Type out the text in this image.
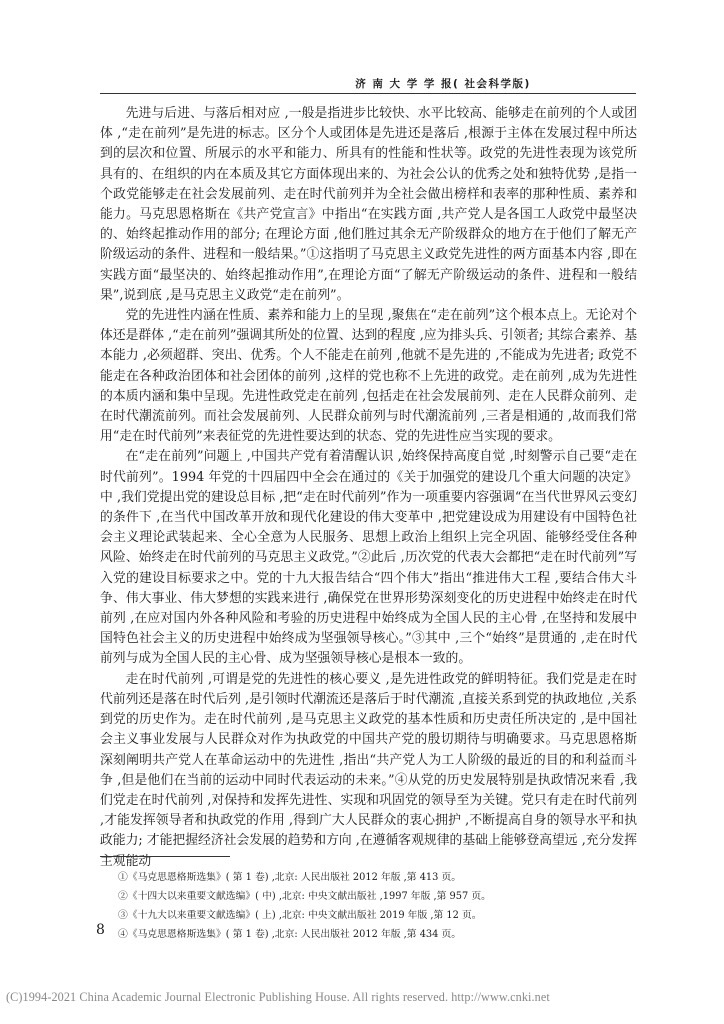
济 南 大 学 学 报( 社会科学版)

先进与后进、与落后相对应 ,一般是指进步比较快、水平比较高、能够走在前列的个人或团体 ,“走在前列”是先进的标志。区分个人或团体是先进还是落后 ,根源于主体在发展过程中所达到的层次和位置、所展示的水平和能力、所具有的性能和性状等。政党的先进性表现为该党所具有的、在组织的内在本质及其它方面体现出来的、为社会公认的优秀之处和独特优势 ,是指一个政党能够走在社会发展前列、走在时代前列并为全社会做出榜样和表率的那种性质、素养和能力。马克思恩格斯在《共产党宣言》中指出“在实践方面 ,共产党人是各国工人政党中最坚决的、始终起推动作用的部分; 在理论方面 ,他们胜过其余无产阶级群众的地方在于他们了解无产阶级运动的条件、进程和一般结果。”①这指明了马克思主义政党先进性的两方面基本内容 ,即在实践方面“最坚决的、始终起推动作用”,在理论方面“了解无产阶级运动的条件、进程和一般结果”,说到底 ,是马克思主义政党“走在前列”。

党的先进性内涵在性质、素养和能力上的呈现 ,聚焦在“走在前列”这个根本点上。无论对个体还是群体 ,“走在前列”强调其所处的位置、达到的程度 ,应为排头兵、引领者; 其综合素养、基本能力 ,必须超群、突出、优秀。个人不能走在前列 ,他就不是先进的 ,不能成为先进者; 政党不能走在各种政治团体和社会团体的前列 ,这样的党也称不上先进的政党。走在前列 ,成为先进性的本质内涵和集中呈现。先进性政党走在前列 ,包括走在社会发展前列、走在人民群众前列、走在时代潮流前列。而社会发展前列、人民群众前列与时代潮流前列 ,三者是相通的 ,故而我们常用“走在时代前列”来表征党的先进性要达到的状态、党的先进性应当实现的要求。

在“走在前列”问题上 ,中国共产党有着清醒认识 ,始终保持高度自觉 ,时刻警示自己要“走在时代前列”。1994 年党的十四届四中全会在通过的《关于加强党的建设几个重大问题的决定》中 ,我们党提出党的建设总目标 ,把“走在时代前列”作为一项重要内容强调“在当代世界风云变幻的条件下 ,在当代中国改革开放和现代化建设的伟大变革中 ,把党建设成为用建设有中国特色社会主义理论武装起来、全心全意为人民服务、思想上政治上组织上完全巩固、能够经受住各种风险、始终走在时代前列的马克思主义政党。”②此后 ,历次党的代表大会都把“走在时代前列”写入党的建设目标要求之中。党的十九大报告结合“四个伟大”指出“推进伟大工程 ,要结合伟大斗争、伟大事业、伟大梦想的实践来进行 ,确保党在世界形势深刻变化的历史进程中始终走在时代前列 ,在应对国内外各种风险和考验的历史进程中始终成为全国人民的主心骨 ,在坚持和发展中国特色社会主义的历史进程中始终成为坚强领导核心。”③其中 ,三个“始终”是贯通的 ,走在时代前列与成为全国人民的主心骨、成为坚强领导核心是根本一致的。

走在时代前列 ,可谓是党的先进性的核心要义 ,是先进性政党的鲜明特征。我们党是走在时代前列还是落在时代后列 ,是引领时代潮流还是落后于时代潮流 ,直接关系到党的执政地位 ,关系到党的历史作为。走在时代前列 ,是马克思主义政党的基本性质和历史责任所决定的 ,是中国社会主义事业发展与人民群众对作为执政党的中国共产党的殷切期待与明确要求。马克思恩格斯深刻阐明共产党人在革命运动中的先进性 ,指出“共产党人为工人阶级的最近的目的和利益而斗争 ,但是他们在当前的运动中同时代表运动的未来。”④从党的历史发展特别是执政情况来看 ,我们党走在时代前列 ,对保持和发挥先进性、实现和巩固党的领导至为关键。党只有走在时代前列 ,才能发挥领导者和执政党的作用 ,得到广大人民群众的衷心拥护 ,不断提高自身的领导水平和执政能力; 才能把握经济社会发展的趋势和方向 ,在遵循客观规律的基础上能够登高望远 ,充分发挥主观能动

①《马克思恩格斯选集》( 第 1 卷) ,北京: 人民出版社 2012 年版 ,第 413 页。

②《十四大以来重要文献选编》( 中) ,北京: 中央文献出版社 ,1997 年版 ,第 957 页。

③《十九大以来重要文献选编》( 上) ,北京: 中央文献出版社 2019 年版 ,第 12 页。

④《马克思恩格斯选集》( 第 1 卷) ,北京: 人民出版社 2012 年版 ,第 434 页。

8
(C)1994-2021 China Academic Journal Electronic Publishing House. All rights reserved. http://www.cnki.net
